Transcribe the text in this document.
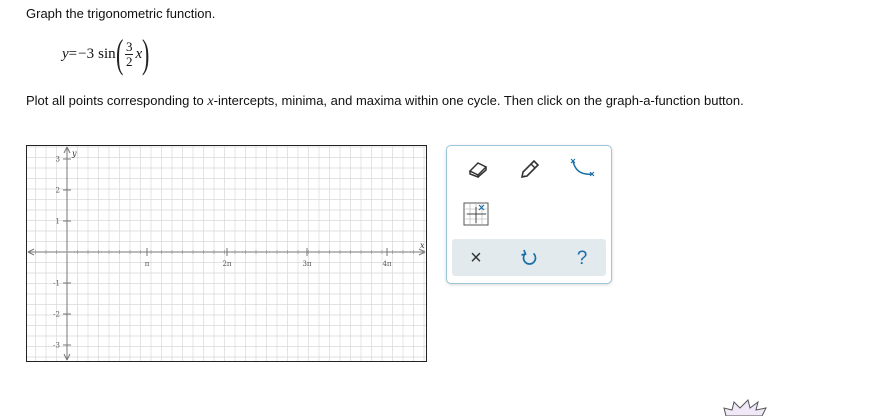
Graph the trigonometric function.
y = −3 sin ( $\frac{3}{2}$ x )
Plot all points corresponding to x-intercepts, minima, and maxima within one cycle. Then click on the graph-a-function button.
π	2π	3π	4π
3
2
1
-1
-2
-3
x
y
×	?
